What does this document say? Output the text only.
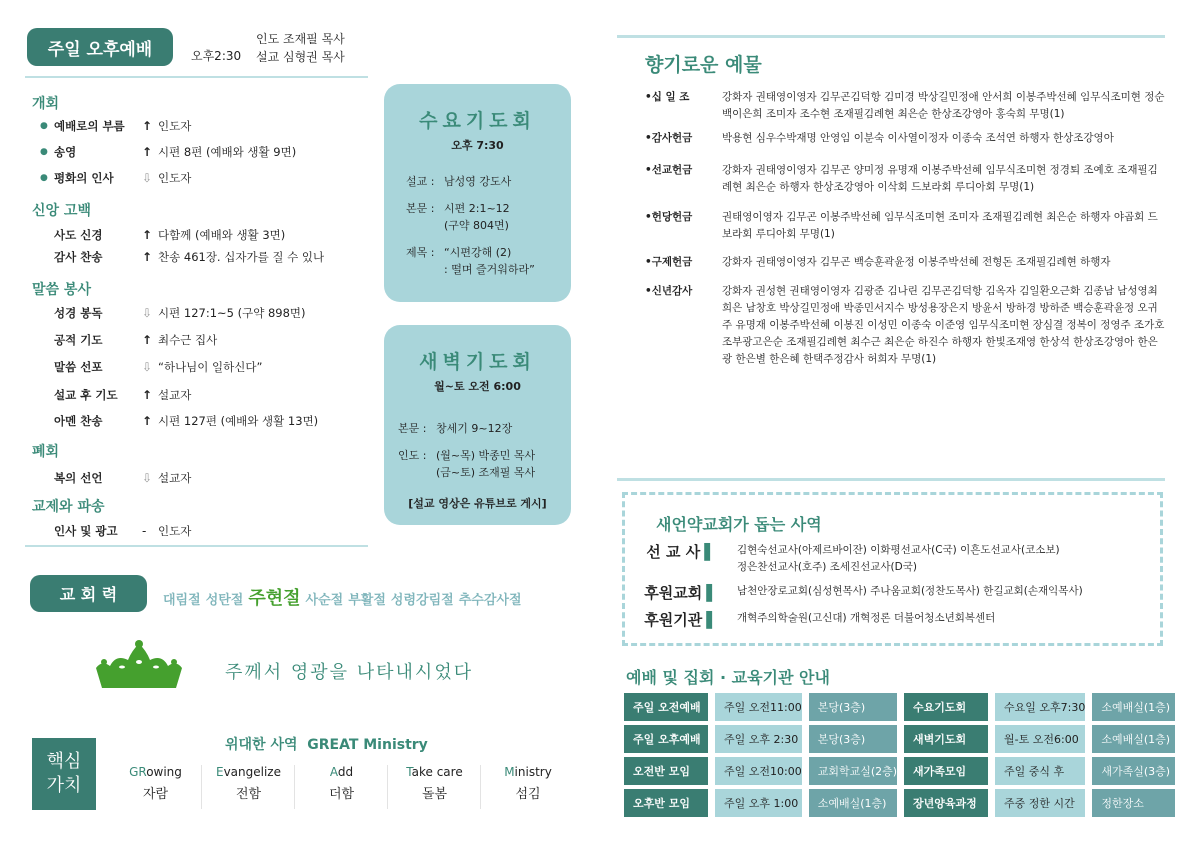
주일 오후예배	오후2:30
인도 조재필 목사
설교 심형권 목사
개회
● 예배로의 부름	↑ 인도자
● 송영	↑ 시편 8편 (예배와 생활 9면)
● 평화의 인사	⇩ 인도자
신앙 고백
사도 신경	↑ 다함께 (예배와 생활 3면)
감사 찬송	↑ 찬송 461장. 십자가를 질 수 있나
말씀 봉사
성경 봉독	⇩ 시편 127:1~5 (구약 898면)
공적 기도	↑ 최수근 집사
말씀 선포	⇩ “하나님이 일하신다”
설교 후 기도	↑ 설교자
아멘 찬송	↑ 시편 127편 (예배와 생활 13면)
폐회
복의 선언	⇩ 설교자
교제와 파송
인사 및 광고	-	인도자
수요기도회
오후 7:30
설교 : 남성영 강도사
본문 : 시편 2:1~12
(구약 804면)
제목 : “시편강해 (2)
: 떨며 즐거워하라”
새벽기도회
월~토 오전 6:00
본문 : 창세기 9~12장
인도 : (월~목) 박종민 목사
(금~토) 조재필 목사
[설교 영상은 유튜브로 게시]
교 회 력	대림절 성탄절 주현절 사순절 부활절 성령강림절 추수감사절
주께서 영광을 나타내시었다
핵심
가치
위대한 사역  GREAT Ministry
GRowing
자람
Evangelize
전함
Add
더함
Take care
돌봄
Ministry
섬김
향기로운 예물
•십 일 조	강화자 권태영이영자 김무곤김덕항 김미경 박상길민정애 안서희 이봉주박선혜 임무식조미현 정순백이은희 조미자 조수현 조재필김례현 최은순 한상조강영아 홍숙희 무명(1)
•감사헌금	박용현 심우수박재명 안영임 이분숙 이사열이정자 이종숙 조석연 하행자 한상조강영아
•선교헌금	강화자 권태영이영자 김무곤 양미정 유명재 이봉주박선혜 임무식조미현 정경퇴 조예호 조재필김례현 최은순 하행자 한상조강영아 이삭회 드보라회 루디아회 무명(1)
•헌당헌금	권태영이영자 김무곤 이봉주박선혜 임무식조미현 조미자 조재필김례현 최은순 하행자 야곱회 드보라회 루디아회 무명(1)
•구제헌금	강화자 권태영이영자 김무곤 백승훈곽윤정 이봉주박선혜 전형돈 조재필김례현 하행자
•신년감사	강화자 권성현 권태영이영자 김광준 김나린 김무곤김덕항 김옥자 김일환오근화 김종남 남성영최희은 남창호 박상길민정애 박종민서지수 방성용장은지 방윤서 방하경 방하준 백승훈곽윤정 오귀주 유명재 이봉주박선혜 이봉진 이성민 이종숙 이준영 임무식조미현 장심결 정복이 정영주 조가호 조부광고은순 조재필김례현 최수근 최은순 하진수 하행자 한빛조재영 한상석 한상조강영아 한은광 한은별 한은혜 한택주정감사 허희자 무명(1)
새언약교회가 돕는 사역
선 교 사 ▌	김현숙선교사(아제르바이잔) 이화평선교사(C국) 이흔도선교사(코소보)
정은찬선교사(호주) 조세진선교사(D국)
후원교회 ▌	남천안장로교회(심성현목사) 주나움교회(정찬도목사) 한길교회(손재익목사)
후원기관 ▌	개혁주의학술원(고신대) 개혁정론 더불어청소년회복센터
예배 및 집회 · 교육기관 안내
주일 오전예배	주일 오전11:00	본당(3층)	수요기도회	수요일 오후7:30	소예배실(1층)
주일 오후예배	주일 오후 2:30	본당(3층)	새벽기도회	월-토 오전6:00	소예배실(1층)
오전반 모임	주일 오전10:00	교회학교실(2층)	새가족모임	주일 중식 후	새가족실(3층)
오후반 모임	주일 오후 1:00	소예배실(1층)	장년양육과정	주중 정한 시간	정한장소
